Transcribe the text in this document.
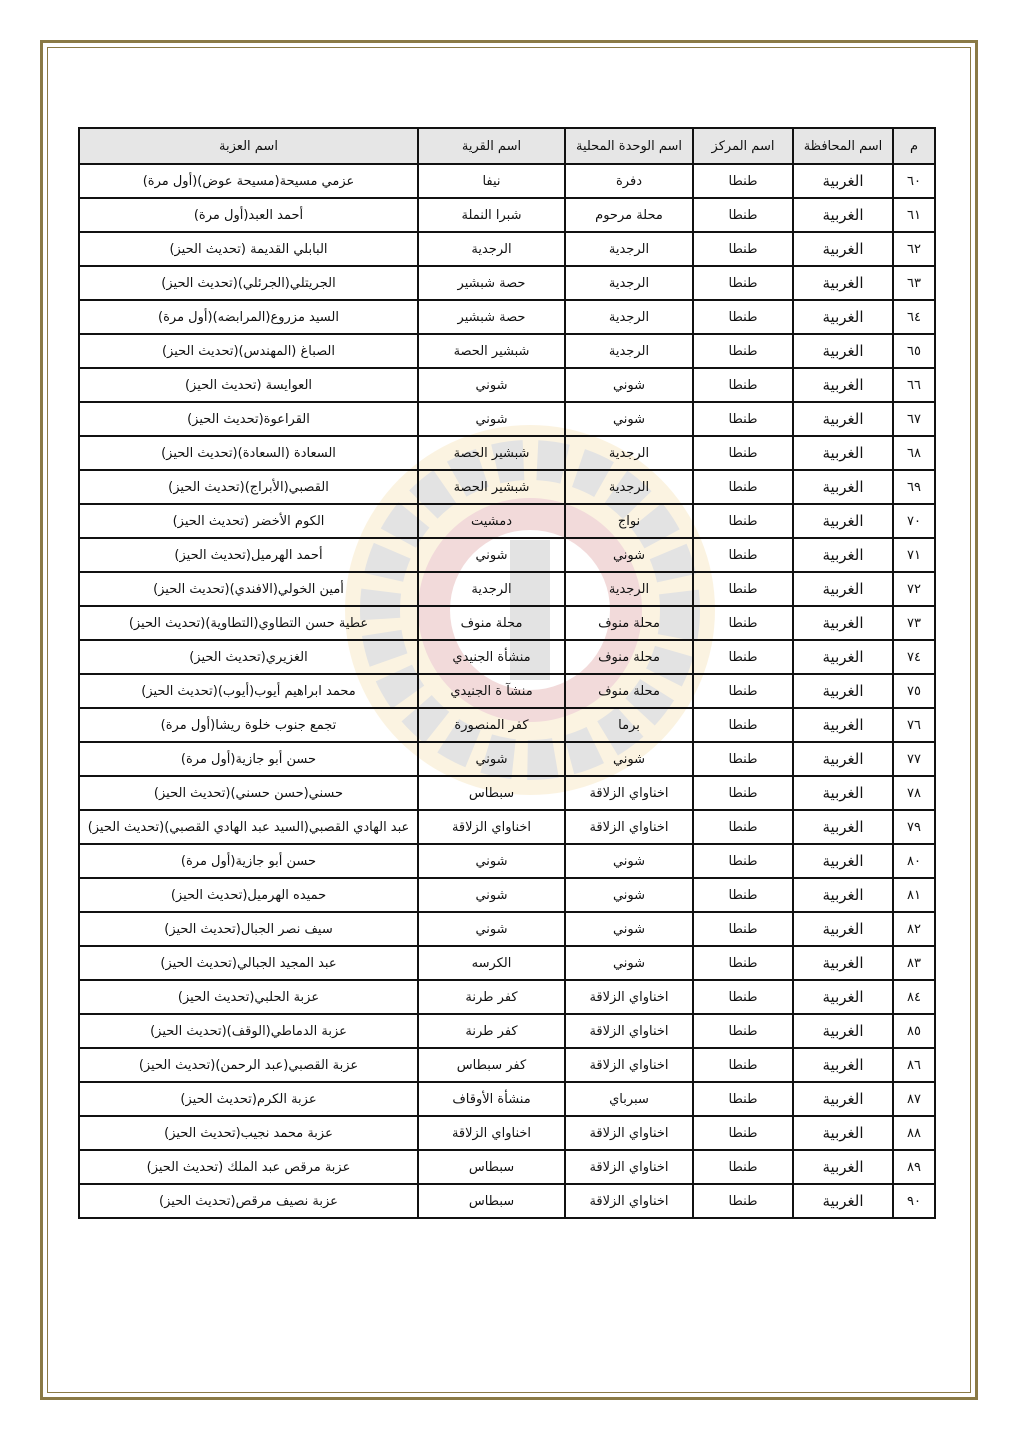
م	اسم المحافظة	اسم المركز	اسم الوحدة المحلية	اسم القرية	اسم العزبة
٦٠	الغربية	طنطا	دفرة	نيفا	عزمي مسيحة(مسيحة عوض)(أول مرة)
٦١	الغربية	طنطا	محلة مرحوم	شبرا النملة	أحمد العبد(أول مرة)
٦٢	الغربية	طنطا	الرجدية	الرجدية	البابلي القديمة (تحديث الحيز)
٦٣	الغربية	طنطا	الرجدية	حصة شبشير	الجريتلي(الجرئلي)(تحديث الحيز)
٦٤	الغربية	طنطا	الرجدية	حصة شبشير	السيد مزروع(المرابضه)(أول مرة)
٦٥	الغربية	طنطا	الرجدية	شبشير الحصة	الصباغ (المهندس)(تحديث الحيز)
٦٦	الغربية	طنطا	شوني	شوني	العوايسة (تحديث الحيز)
٦٧	الغربية	طنطا	شوني	شوني	القراعوة(تحديث الحيز)
٦٨	الغربية	طنطا	الرجدية	شبشير الحصة	السعادة (السعادة)(تحديث الحيز)
٦٩	الغربية	طنطا	الرجدية	شبشير الحصة	القصبي(الأبراج)(تحديث الحيز)
٧٠	الغربية	طنطا	نواج	دمشيت	الكوم الأخضر (تحديث الحيز)
٧١	الغربية	طنطا	شوني	شوني	أحمد الهرميل(تحديث الحيز)
٧٢	الغربية	طنطا	الرجدية	الرجدية	أمين الخولي(الافندي)(تحديث الحيز)
٧٣	الغربية	طنطا	محلة منوف	محلة منوف	عطية حسن التطاوي(التطاوية)(تحديث الحيز)
٧٤	الغربية	طنطا	محلة منوف	منشأة الجنيدي	الغزيري(تحديث الحيز)
٧٥	الغربية	طنطا	محلة منوف	منشآ ة الجنيدي	محمد ابراهيم أيوب(أيوب)(تحديث الحيز)
٧٦	الغربية	طنطا	برما	كفر المنصورة	تجمع جنوب خلوة ريشا(أول مرة)
٧٧	الغربية	طنطا	شوني	شوني	حسن أبو جازية(أول مرة)
٧٨	الغربية	طنطا	اخناواي الزلاقة	سبطاس	حسني(حسن حسني)(تحديث الحيز)
٧٩	الغربية	طنطا	اخناواي الزلاقة	اخناواي الزلاقة	عبد الهادي القصبي(السيد عبد الهادي القصبي)(تحديث الحيز)
٨٠	الغربية	طنطا	شوني	شوني	حسن أبو جازية(أول مرة)
٨١	الغربية	طنطا	شوني	شوني	حميده الهرميل(تحديث الحيز)
٨٢	الغربية	طنطا	شوني	شوني	سيف نصر الجبال(تحديث الحيز)
٨٣	الغربية	طنطا	شوني	الكرسه	عبد المجيد الجبالي(تحديث الحيز)
٨٤	الغربية	طنطا	اخناواي الزلاقة	كفر طرنة	عزبة الحلبي(تحديث الحيز)
٨٥	الغربية	طنطا	اخناواي الزلاقة	كفر طرنة	عزبة الدماطي(الوقف)(تحديث الحيز)
٨٦	الغربية	طنطا	اخناواي الزلاقة	كفر سبطاس	عزبة القصبي(عبد الرحمن)(تحديث الحيز)
٨٧	الغربية	طنطا	سبرباي	منشأة الأوقاف	عزبة الكرم(تحديث الحيز)
٨٨	الغربية	طنطا	اخناواي الزلاقة	اخناواي الزلاقة	عزبة محمد نجيب(تحديث الحيز)
٨٩	الغربية	طنطا	اخناواي الزلاقة	سبطاس	عزبة مرقص عبد الملك (تحديث الحيز)
٩٠	الغربية	طنطا	اخناواي الزلاقة	سبطاس	عزبة نصيف مرقص(تحديث الحيز)
